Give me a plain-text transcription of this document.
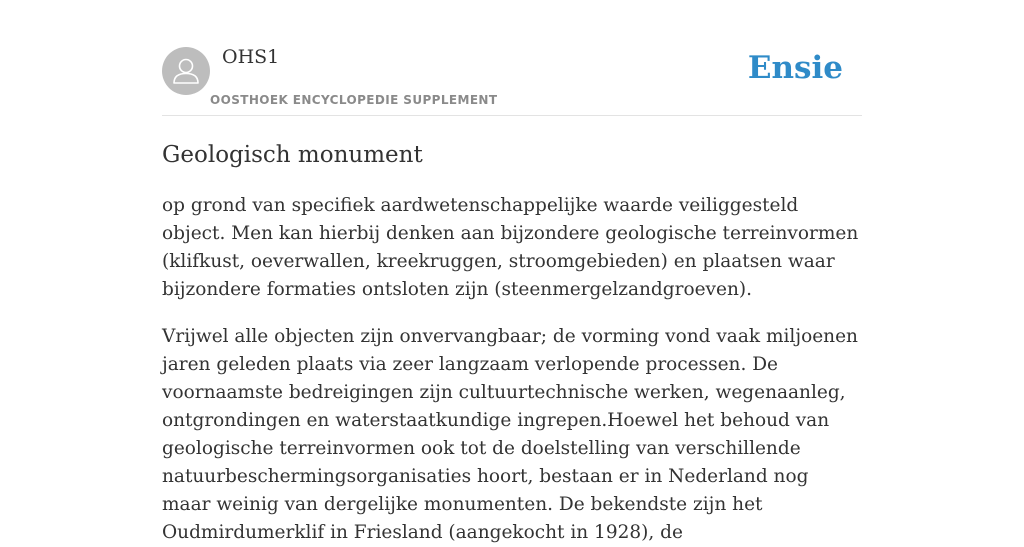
OHS1
OOSTHOEK ENCYCLOPEDIE SUPPLEMENT
Ensie
Geologisch monument

op grond van specifiek aardwetenschappelijke waarde veiliggesteld object. Men kan hierbij denken aan bijzondere geologische terreinvormen (klifkust, oeverwallen, kreekruggen, stroomgebieden) en plaatsen waar bijzondere formaties ontsloten zijn (steenmergelzandgroeven).

Vrijwel alle objecten zijn onvervangbaar; de vorming vond vaak miljoenen jaren geleden plaats via zeer langzaam verlopende processen. De voornaamste bedreigingen zijn cultuurtechnische werken, wegenaanleg, ontgrondingen en waterstaatkundige ingrepen.Hoewel het behoud van geologische terreinvormen ook tot de doelstelling van verschillende natuurbeschermingsorganisaties hoort, bestaan er in Nederland nog maar weinig van dergelijke monumenten. De bekendste zijn het Oudmirdumerklif in Friesland (aangekocht in 1928), de
